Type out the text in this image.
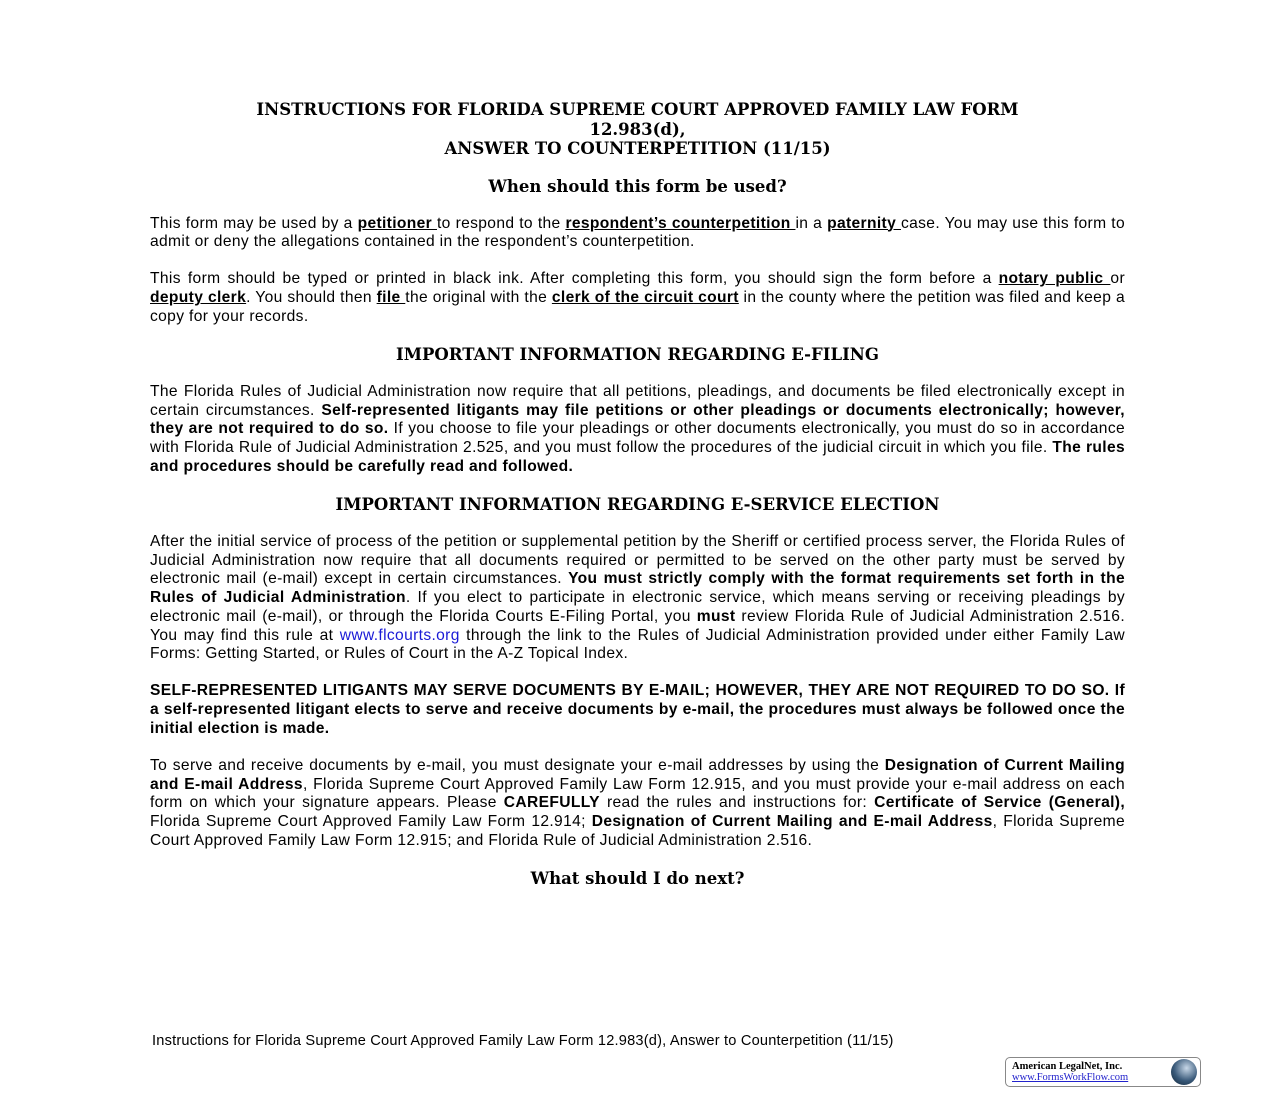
INSTRUCTIONS FOR FLORIDA SUPREME COURT APPROVED FAMILY LAW FORM

12.983(d),

ANSWER TO COUNTERPETITION (11/15)

When should this form be used?

This form may be used by a petitioner to respond to the respondent’s counterpetition in a paternity case. You may use this form to admit or deny the allegations contained in the respondent’s counterpetition.

This form should be typed or printed in black ink. After completing this form, you should sign the form before a notary public or deputy clerk. You should then file the original with the clerk of the circuit court in the county where the petition was filed and keep a copy for your records.

IMPORTANT INFORMATION REGARDING E-FILING

The Florida Rules of Judicial Administration now require that all petitions, pleadings, and documents be filed electronically except in certain circumstances. Self-represented litigants may file petitions or other pleadings or documents electronically; however, they are not required to do so. If you choose to file your pleadings or other documents electronically, you must do so in accordance with Florida Rule of Judicial Administration 2.525, and you must follow the procedures of the judicial circuit in which you file. The rules and procedures should be carefully read and followed.

IMPORTANT INFORMATION REGARDING E-SERVICE ELECTION

After the initial service of process of the petition or supplemental petition by the Sheriff or certified process server, the Florida Rules of Judicial Administration now require that all documents required or permitted to be served on the other party must be served by electronic mail (e-mail) except in certain circumstances. You must strictly comply with the format requirements set forth in the Rules of Judicial Administration. If you elect to participate in electronic service, which means serving or receiving pleadings by electronic mail (e-mail), or through the Florida Courts E-Filing Portal, you must review Florida Rule of Judicial Administration 2.516. You may find this rule at www.flcourts.org through the link to the Rules of Judicial Administration provided under either Family Law Forms: Getting Started, or Rules of Court in the A-Z Topical Index.

SELF-REPRESENTED LITIGANTS MAY SERVE DOCUMENTS BY E-MAIL; HOWEVER, THEY ARE NOT REQUIRED TO DO SO. If a self-represented litigant elects to serve and receive documents by e-mail, the procedures must always be followed once the initial election is made.

To serve and receive documents by e-mail, you must designate your e-mail addresses by using the Designation of Current Mailing and E-mail Address, Florida Supreme Court Approved Family Law Form 12.915, and you must provide your e-mail address on each form on which your signature appears. Please CAREFULLY read the rules and instructions for: Certificate of Service (General), Florida Supreme Court Approved Family Law Form 12.914; Designation of Current Mailing and E-mail Address, Florida Supreme Court Approved Family Law Form 12.915; and Florida Rule of Judicial Administration 2.516.

What should I do next?
Instructions for Florida Supreme Court Approved Family Law Form 12.983(d), Answer to Counterpetition (11/15)
American LegalNet, Inc.
www.FormsWorkFlow.com
